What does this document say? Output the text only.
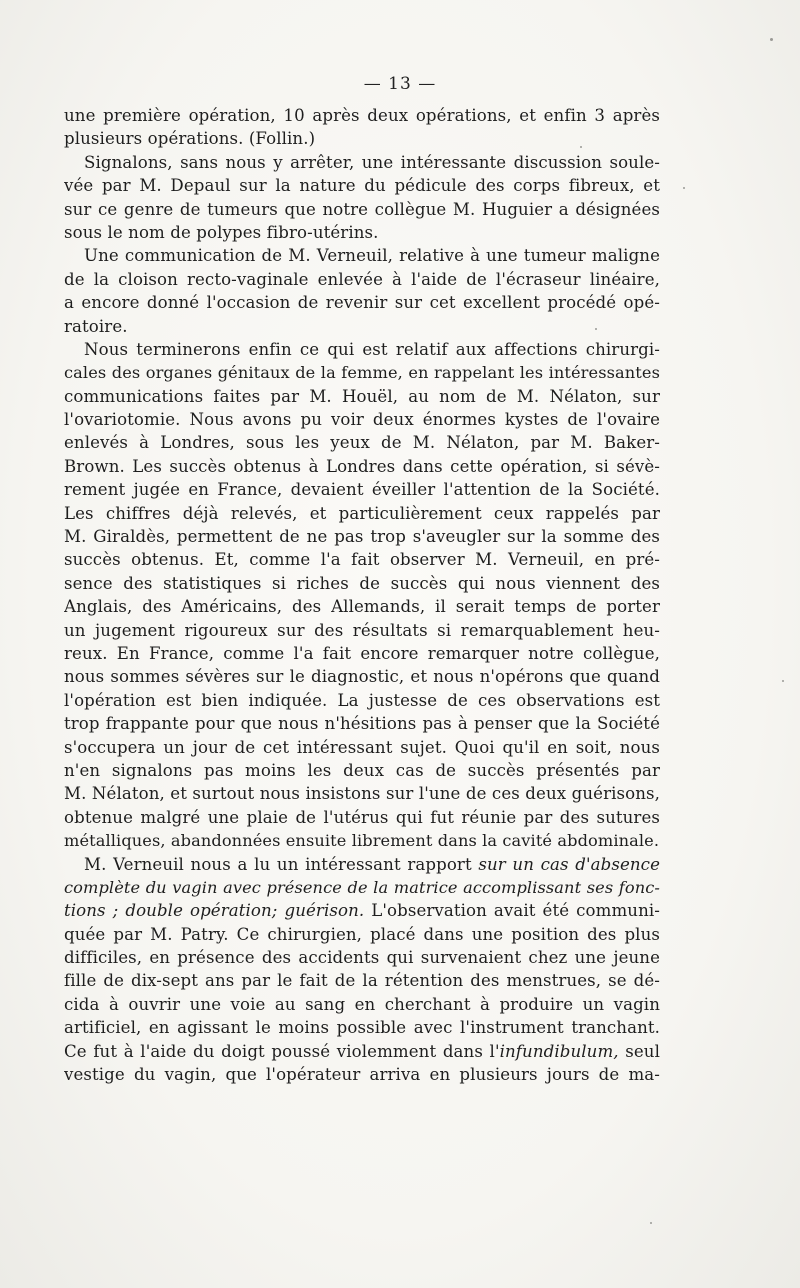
— 13 —
une première opération, 10 après deux opérations, et enfin 3 après
plusieurs opérations. (Follin.)
Signalons, sans nous y arrêter, une intéressante discussion soule-
vée par M. Depaul sur la nature du pédicule des corps fibreux, et
sur ce genre de tumeurs que notre collègue M. Huguier a désignées
sous le nom de polypes fibro-utérins.
Une communication de M. Verneuil, relative à une tumeur maligne
de la cloison recto-vaginale enlevée à l'aide de l'écraseur linéaire,
a encore donné l'occasion de revenir sur cet excellent procédé opé-
ratoire.
Nous terminerons enfin ce qui est relatif aux affections chirurgi-
cales des organes génitaux de la femme, en rappelant les intéressantes
communications faites par M. Houël, au nom de M. Nélaton, sur
l'ovariotomie. Nous avons pu voir deux énormes kystes de l'ovaire
enlevés à Londres, sous les yeux de M. Nélaton, par M. Baker-
Brown. Les succès obtenus à Londres dans cette opération, si sévè-
rement jugée en France, devaient éveiller l'attention de la Société.
Les chiffres déjà relevés, et particulièrement ceux rappelés par
M. Giraldès, permettent de ne pas trop s'aveugler sur la somme des
succès obtenus. Et, comme l'a fait observer M. Verneuil, en pré-
sence des statistiques si riches de succès qui nous viennent des
Anglais, des Américains, des Allemands, il serait temps de porter
un jugement rigoureux sur des résultats si remarquablement heu-
reux. En France, comme l'a fait encore remarquer notre collègue,
nous sommes sévères sur le diagnostic, et nous n'opérons que quand
l'opération est bien indiquée. La justesse de ces observations est
trop frappante pour que nous n'hésitions pas à penser que la Société
s'occupera un jour de cet intéressant sujet. Quoi qu'il en soit, nous
n'en signalons pas moins les deux cas de succès présentés par
M. Nélaton, et surtout nous insistons sur l'une de ces deux guérisons,
obtenue malgré une plaie de l'utérus qui fut réunie par des sutures
métalliques, abandonnées ensuite librement dans la cavité abdominale.
M. Verneuil nous a lu un intéressant rapport sur un cas d'absence
complète du vagin avec présence de la matrice accomplissant ses fonc-
tions ; double opération; guérison. L'observation avait été communi-
quée par M. Patry. Ce chirurgien, placé dans une position des plus
difficiles, en présence des accidents qui survenaient chez une jeune
fille de dix-sept ans par le fait de la rétention des menstrues, se dé-
cida à ouvrir une voie au sang en cherchant à produire un vagin
artificiel, en agissant le moins possible avec l'instrument tranchant.
Ce fut à l'aide du doigt poussé violemment dans l'infundibulum, seul
vestige du vagin, que l'opérateur arriva en plusieurs jours de ma-
